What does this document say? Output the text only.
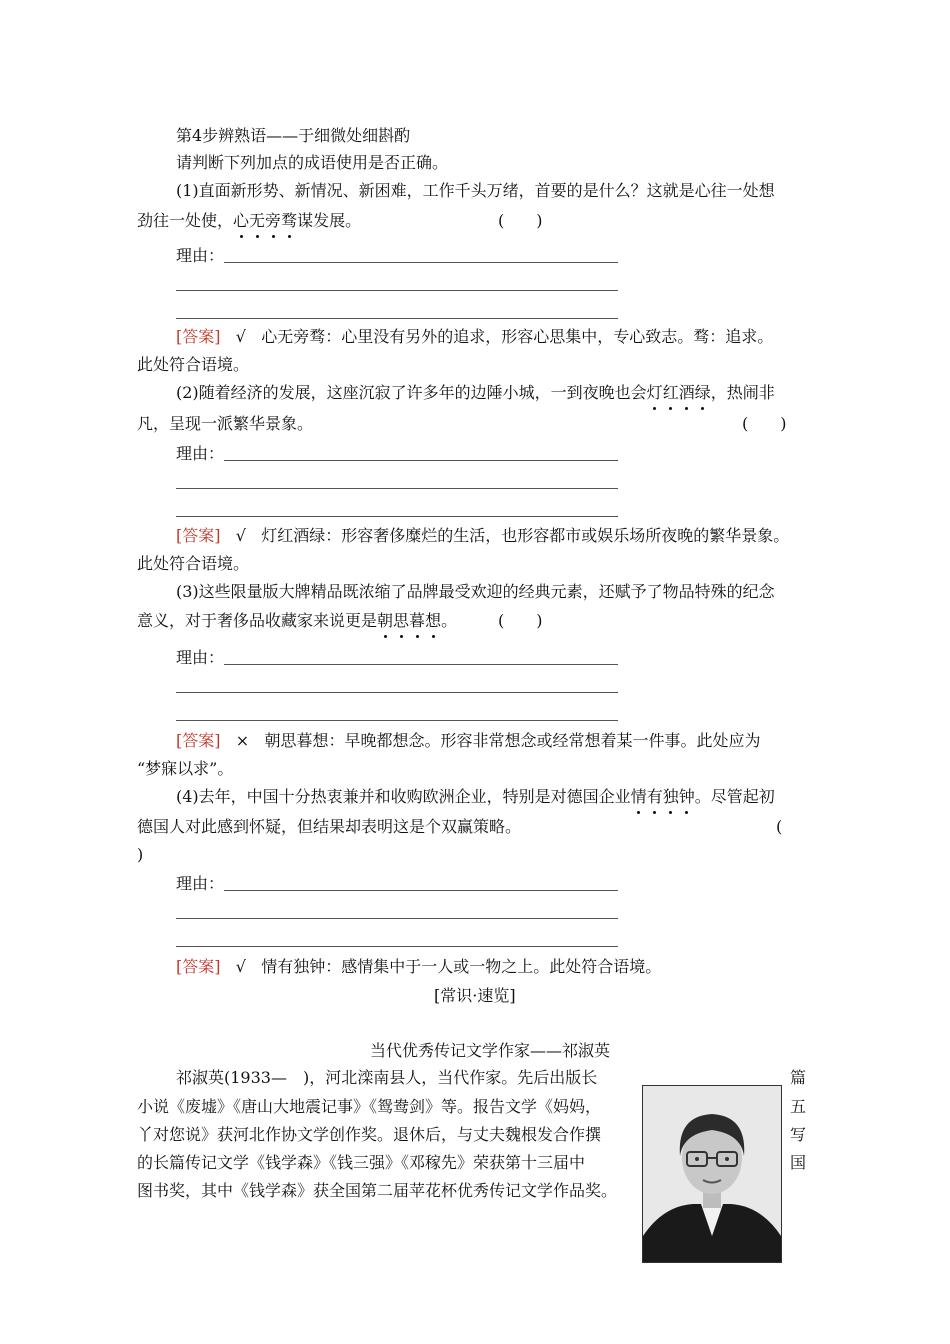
第4步辨熟语——于细微处细斟酌
请判断下列加点的成语使用是否正确。
(1)直面新形势、新情况、新困难，工作千头万绪，首要的是什么？这就是心往一处想
劲往一处使，心无旁骛谋发展。	(　　)
理由：
[答案] √ 心无旁骛：心里没有另外的追求，形容心思集中，专心致志。骛：追求。
此处符合语境。
(2)随着经济的发展，这座沉寂了许多年的边陲小城，一到夜晚也会灯红酒绿，热闹非
凡，呈现一派繁华景象。	(　　)
理由：
[答案] √ 灯红酒绿：形容奢侈糜烂的生活，也形容都市或娱乐场所夜晚的繁华景象。
此处符合语境。
(3)这些限量版大牌精品既浓缩了品牌最受欢迎的经典元素，还赋予了物品特殊的纪念
意义，对于奢侈品收藏家来说更是朝思暮想。	(　　)
理由：
[答案] × 朝思暮想：早晚都想念。形容非常想念或经常想着某一件事。此处应为
“梦寐以求”。
(4)去年，中国十分热衷兼并和收购欧洲企业，特别是对德国企业情有独钟。尽管起初
德国人对此感到怀疑，但结果却表明这是个双赢策略。	(
)
理由：
[答案] √ 情有独钟：感情集中于一人或一物之上。此处符合语境。
[常识·速览]
当代优秀传记文学作家——祁淑英
祁淑英(1933—　)，河北滦南县人，当代作家。先后出版长
小说《废墟》《唐山大地震记事》《鸳鸯剑》等。报告文学《妈妈，
丫对您说》获河北作协文学创作奖。退休后，与丈夫魏根发合作撰
的长篇传记文学《钱学森》《钱三强》《邓稼先》荣获第十三届中
图书奖，其中《钱学森》获全国第二届苹花杯优秀传记文学作品奖。
篇
五
写
国
